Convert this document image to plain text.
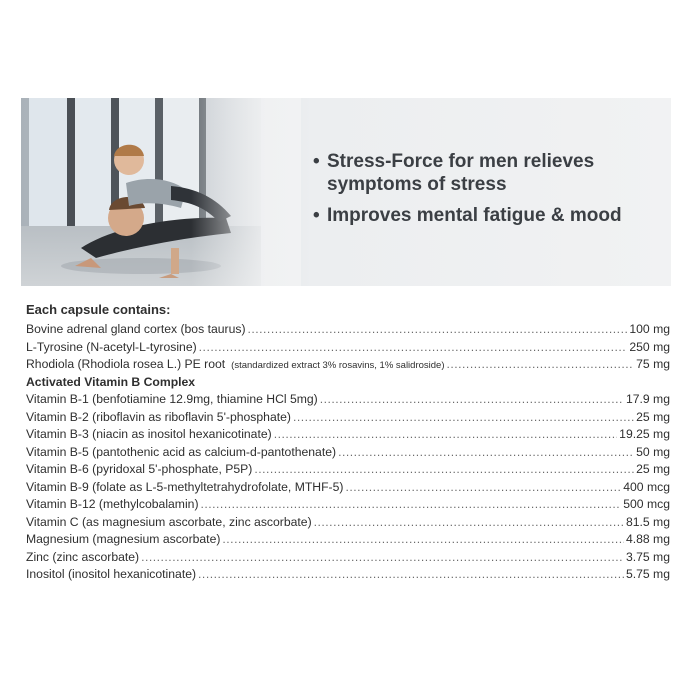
• Stress-Force for men relieves symptoms of stress
• Improves mental fatigue & mood
Each capsule contains:
Bovine adrenal gland cortex (bos taurus) .....	100 mg
L-Tyrosine (N-acetyl-L-tyrosine) .....	250 mg
Rhodiola (Rhodiola rosea L.) PE root (standardized extract 3% rosavins, 1% salidroside) .....	75 mg
Activated Vitamin B Complex
Vitamin B-1 (benfotiamine 12.9mg, thiamine HCl 5mg) .....	17.9 mg
Vitamin B-2 (riboflavin as riboflavin 5'-phosphate) .....	25 mg
Vitamin B-3 (niacin as inositol hexanicotinate) .....	19.25 mg
Vitamin B-5 (pantothenic acid as calcium-d-pantothenate) .....	50 mg
Vitamin B-6 (pyridoxal 5'-phosphate, P5P) .....	25 mg
Vitamin B-9 (folate as L-5-methyltetrahydrofolate, MTHF-5) .....	400 mcg
Vitamin B-12 (methylcobalamin) .....	500 mcg
Vitamin C (as magnesium ascorbate, zinc ascorbate) .....	81.5 mg
Magnesium (magnesium ascorbate) .....	4.88 mg
Zinc (zinc ascorbate) .....	3.75 mg
Inositol (inositol hexanicotinate) .....	5.75 mg
